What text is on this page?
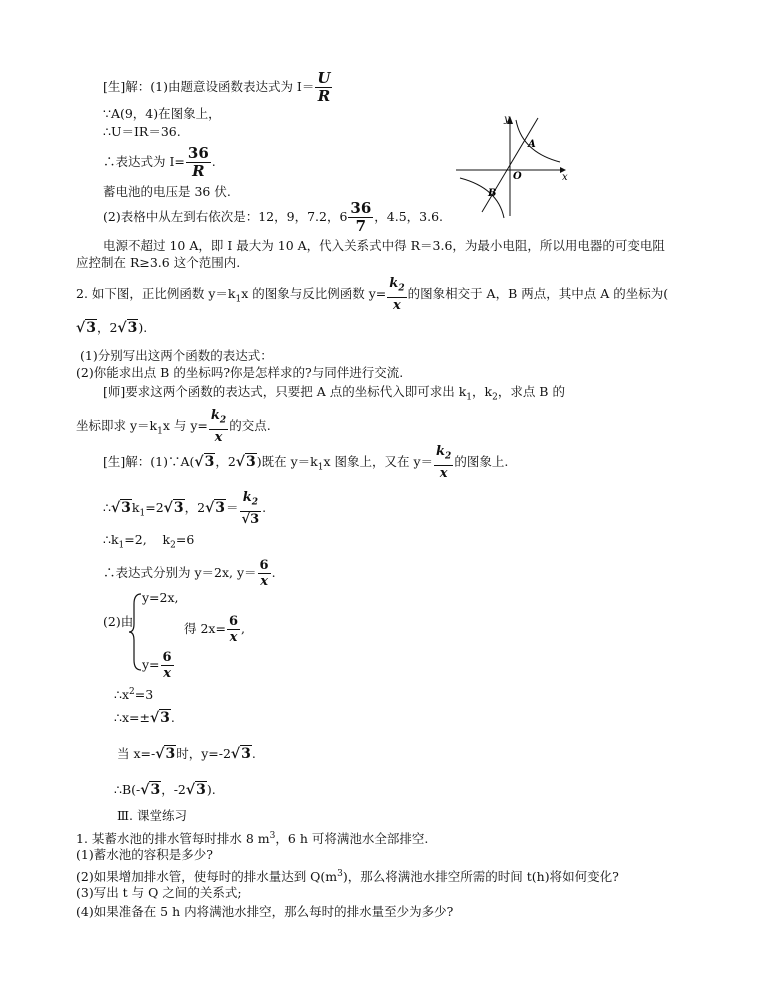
[生]解：(1)由题意设函数表达式为 $I= \frac{U}{R}$
∵A(9，4)在图象上，
∴U＝IR＝36.
∴表达式为 $I= \frac{36}{R}$ .
蓄电池的电压是 36 伏.
(2)表格中从左到右依次是：12，9，7.2，$6 \frac{36}{7}$ ，4.5，3.6.
x
y
O
A
B
电源不超过 10 A，即 I 最大为 10 A，代入关系式中得 R＝3.6，为最小电阻，所以用电器的可变电阻
应控制在 R≥3.6 这个范围内.
2. 如下图，正比例函数 $y=k_1x$ 的图象与反比例函数 $y= \frac{k_2}{x}$ 的图象相交于 A，B 两点，其中点 A 的坐标为(
√3，2√3).
(1)分别写出这两个函数的表达式：
(2)你能求出点 B 的坐标吗?你是怎样求的?与同伴进行交流.
[师]要求这两个函数的表达式，只要把 A 点的坐标代入即可求出 $k_1$，$k_2$，求点 B 的
坐标即求 $y=k_1x$ 与 $y= \frac{k_2}{x}$ 的交点.
[生]解：(1)∵A(√3，2√3)既在 $y=k_1x$ 图象上，又在 $y= \frac{k_2}{x}$ 的图象上.
$\therefore√3k_1=2√3$，$2√3= \frac{k_2}{√3}$ .
$\therefore k_1=2$,    $k_2=6$
∴表达式分别为 y＝2x, $y= \frac{6}{x}$ .
(2)由
y=2x,
得 $2x= \frac{6}{x}$ ,
$y= \frac{6}{x}$
$\therefore x^2=3$
∴x=±√3.
当 x=-√3时，y=-2√3.
∴B(-√3，-2√3).
Ⅲ. 课堂练习
1. 某蓄水池的排水管每时排水 8 $m^3$，6 h 可将满池水全部排空.
(1)蓄水池的容积是多少?
(2)如果增加排水管，使每时的排水量达到 $Q(m^3)$，那么将满池水排空所需的时间 t(h)将如何变化?
(3)写出 t 与 Q 之间的关系式;
(4)如果准备在 5 h 内将满池水排空，那么每时的排水量至少为多少?
